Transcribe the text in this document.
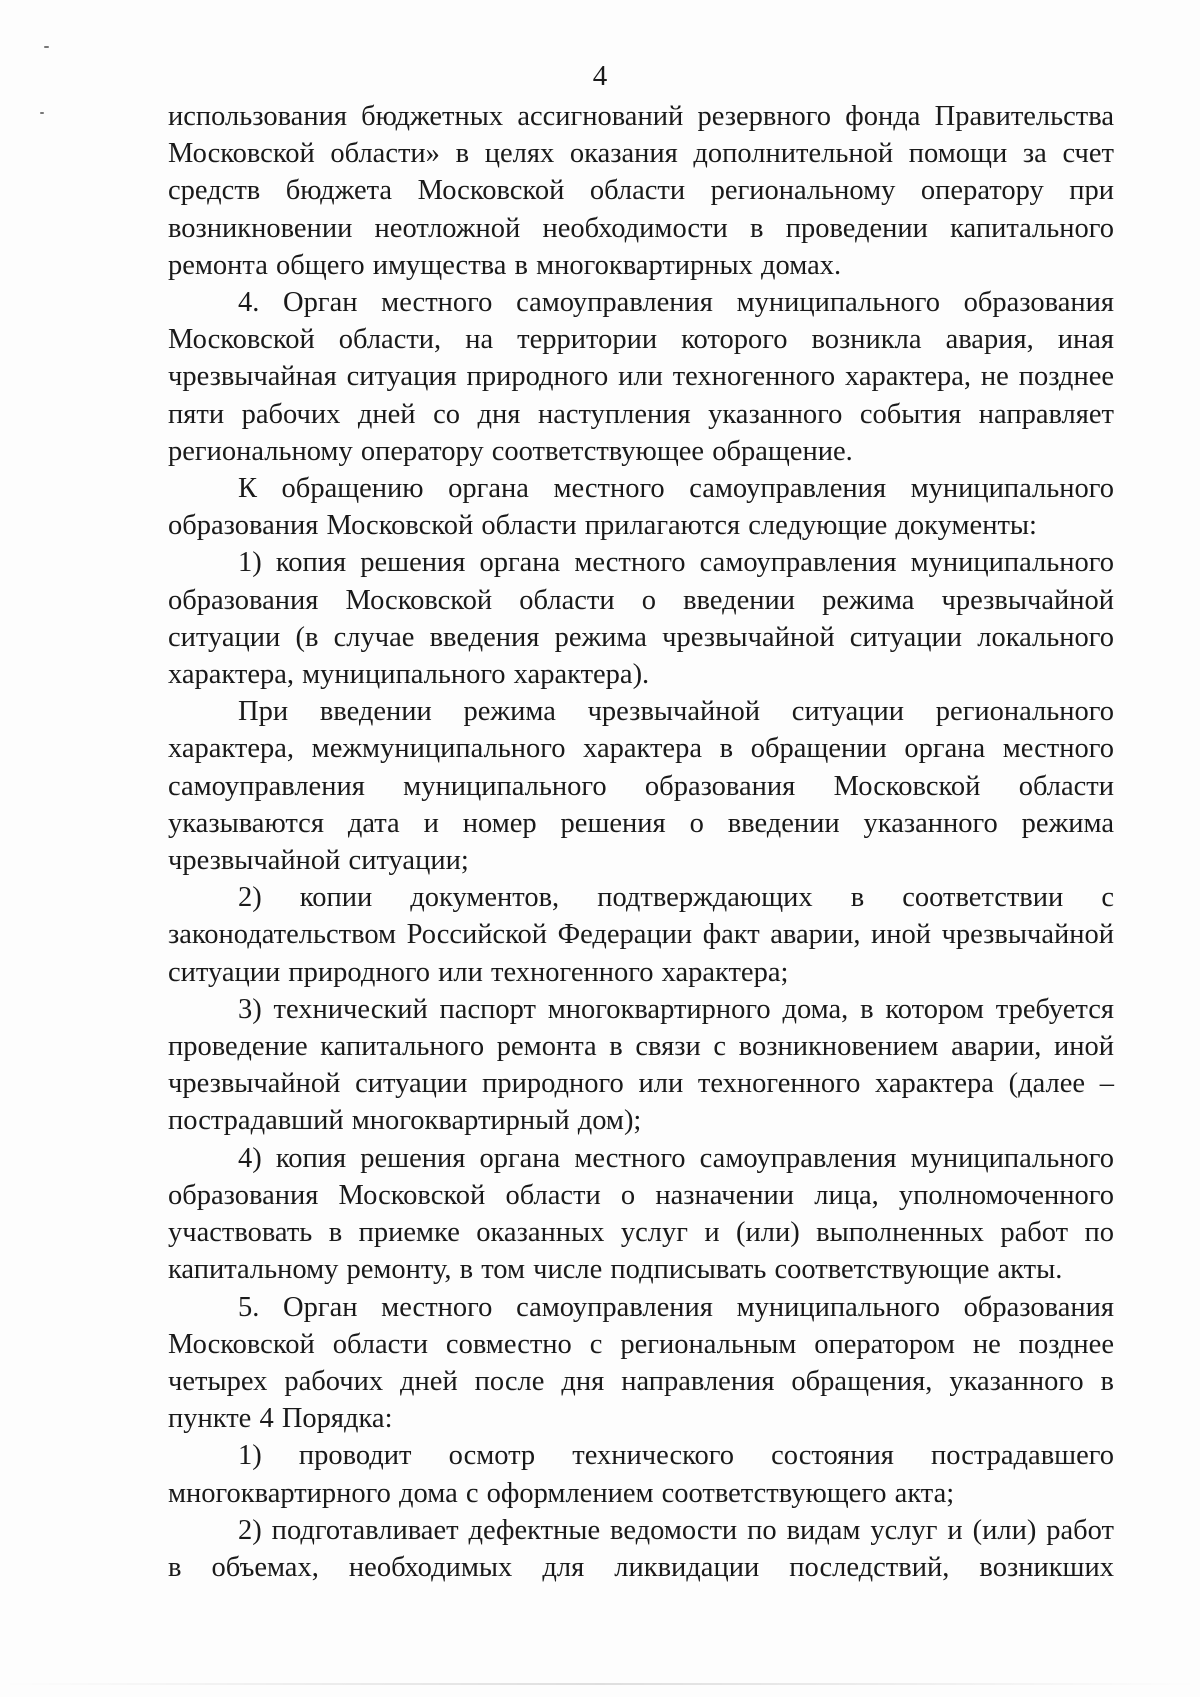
4

использования бюджетных ассигнований резервного фонда Правительства Московской области» в целях оказания дополнительной помощи за счет средств бюджета Московской области региональному оператору при возникновении неотложной необходимости в проведении капитального ремонта общего имущества в многоквартирных домах.

4. Орган местного самоуправления муниципального образования Московской области, на территории которого возникла авария, иная чрезвычайная ситуация природного или техногенного характера, не позднее пяти рабочих дней со дня наступления указанного события направляет региональному оператору соответствующее обращение.

К обращению органа местного самоуправления муниципального образования Московской области прилагаются следующие документы:

1) копия решения органа местного самоуправления муниципального образования Московской области о введении режима чрезвычайной ситуации (в случае введения режима чрезвычайной ситуации локального характера, муниципального характера).

При введении режима чрезвычайной ситуации регионального характера, межмуниципального характера в обращении органа местного самоуправления муниципального образования Московской области указываются дата и номер решения о введении указанного режима чрезвычайной ситуации;

2) копии документов, подтверждающих в соответствии с законодательством Российской Федерации факт аварии, иной чрезвычайной ситуации природного или техногенного характера;

3) технический паспорт многоквартирного дома, в котором требуется проведение капитального ремонта в связи с возникновением аварии, иной чрезвычайной ситуации природного или техногенного характера (далее – пострадавший многоквартирный дом);

4) копия решения органа местного самоуправления муниципального образования Московской области о назначении лица, уполномоченного участвовать в приемке оказанных услуг и (или) выполненных работ по капитальному ремонту, в том числе подписывать соответствующие акты.

5. Орган местного самоуправления муниципального образования Московской области совместно с региональным оператором не позднее четырех рабочих дней после дня направления обращения, указанного в пункте 4 Порядка:

1) проводит осмотр технического состояния пострадавшего многоквартирного дома с оформлением соответствующего акта;

2) подготавливает дефектные ведомости по видам услуг и (или) работ в объемах, необходимых для ликвидации последствий, возникших
